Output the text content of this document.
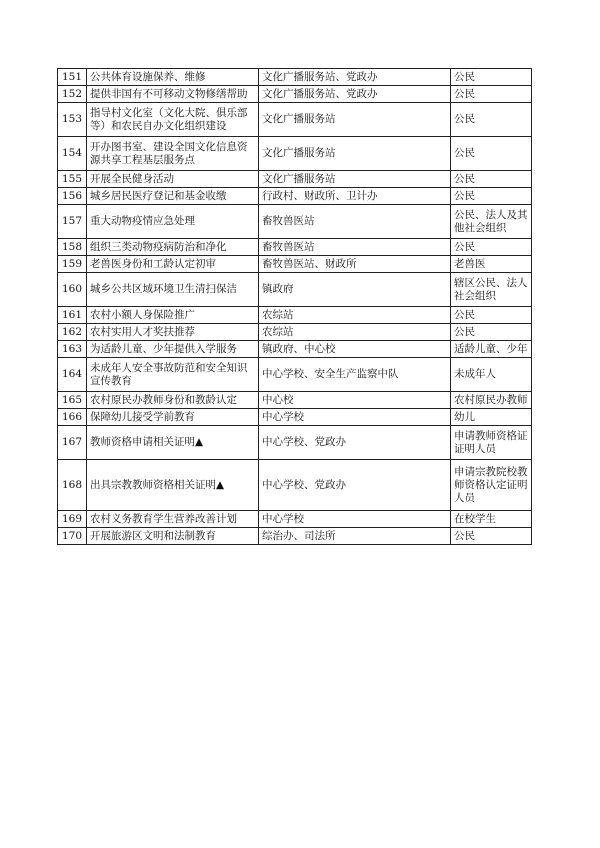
151	公共体育设施保养、维修	文化广播服务站、党政办	公民
152	提供非国有不可移动文物修缮帮助	文化广播服务站、党政办	公民
153	指导村文化室（文化大院、俱乐部等）和农民自办文化组织建设	文化广播服务站	公民
154	开办图书室、建设全国文化信息资源共享工程基层服务点	文化广播服务站	公民
155	开展全民健身活动	文化广播服务站	公民
156	城乡居民医疗登记和基金收缴	行政村、财政所、卫计办	公民
157	重大动物疫情应急处理	畜牧兽医站	公民、法人及其他社会组织
158	组织三类动物疫病防治和净化	畜牧兽医站	公民
159	老兽医身份和工龄认定初审	畜牧兽医站、财政所	老兽医
160	城乡公共区域环境卫生清扫保洁	镇政府	辖区公民、法人社会组织
161	农村小额人身保险推广	农综站	公民
162	农村实用人才奖扶推荐	农综站	公民
163	为适龄儿童、少年提供入学服务	镇政府、中心校	适龄儿童、少年
164	未成年人安全事故防范和安全知识宣传教育	中心学校、安全生产监察中队	未成年人
165	农村原民办教师身份和教龄认定	中心校	农村原民办教师
166	保障幼儿接受学前教育	中心学校	幼儿
167	教师资格申请相关证明▲	中心学校、党政办	申请教师资格证证明人员
168	出具宗教教师资格相关证明▲	中心学校、党政办	申请宗教院校教师资格认定证明人员
169	农村义务教育学生营养改善计划	中心学校	在校学生
170	开展旅游区文明和法制教育	综治办、司法所	公民
